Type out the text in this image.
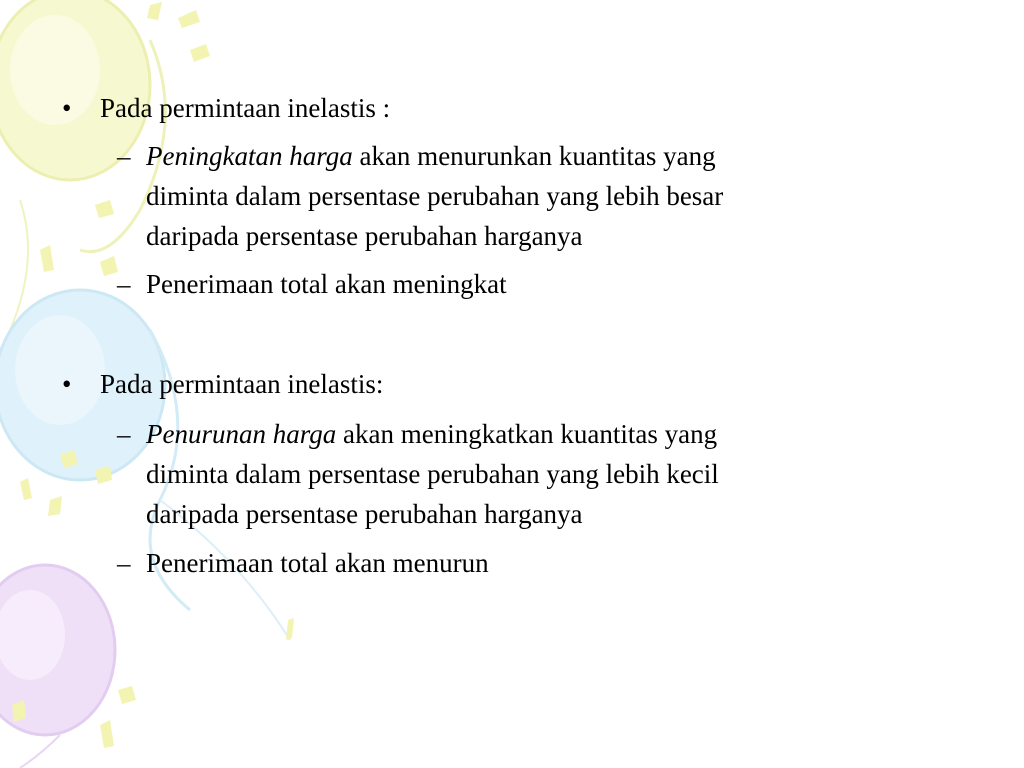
• Pada permintaan inelastis :
– Peningkatan harga akan menurunkan kuantitas yang
diminta dalam persentase perubahan yang lebih besar
daripada persentase perubahan harganya
– Penerimaan total akan meningkat
• Pada permintaan inelastis:
– Penurunan harga akan meningkatkan kuantitas yang
diminta dalam persentase perubahan yang lebih kecil
daripada persentase perubahan harganya
– Penerimaan total akan menurun
